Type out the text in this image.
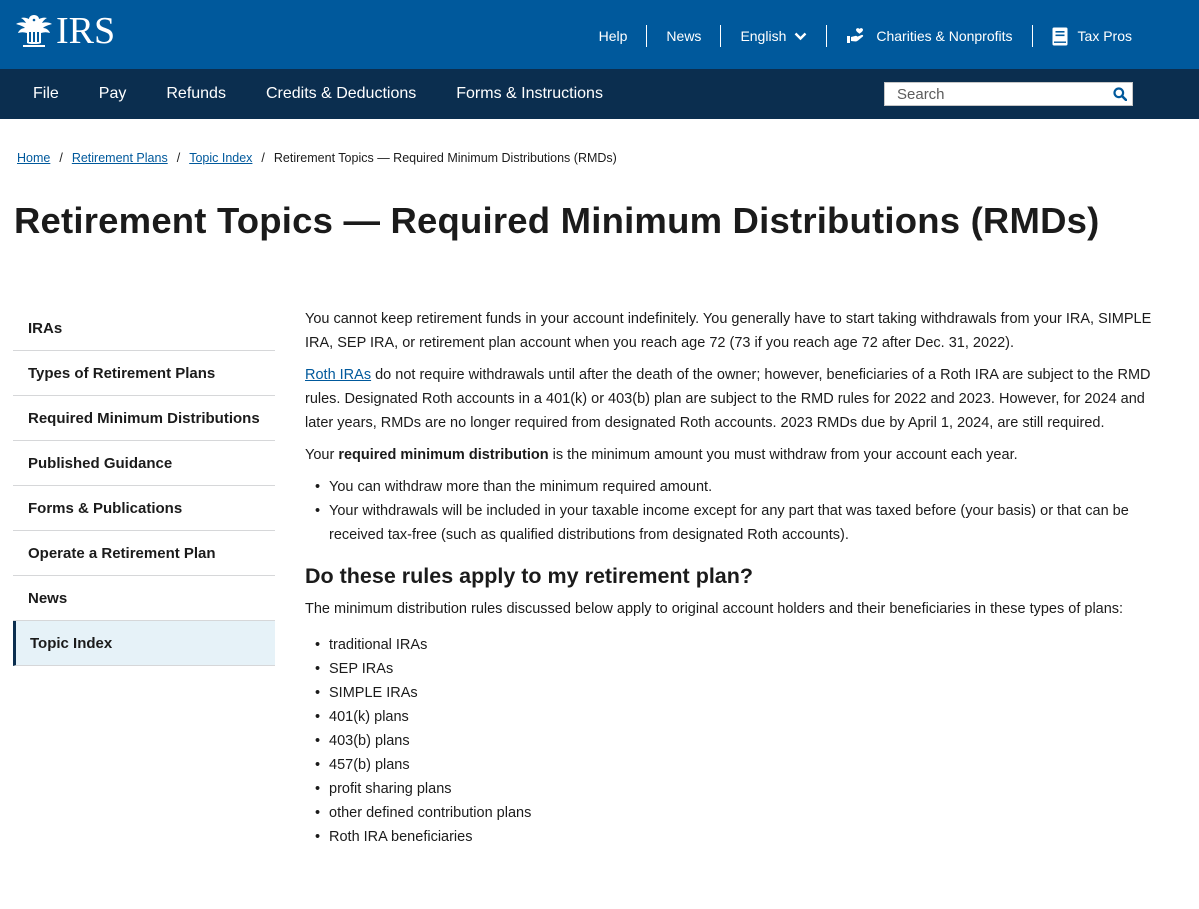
IRS	Help	News	English	Charities & Nonprofits	Tax Pros
File	Pay	Refunds	Credits & Deductions	Forms & Instructions
Search
Home / Retirement Plans / Topic Index / Retirement Topics — Required Minimum Distributions (RMDs)
Retirement Topics — Required Minimum Distributions (RMDs)
IRAs
Types of Retirement Plans
Required Minimum Distributions
Published Guidance
Forms & Publications
Operate a Retirement Plan
News
Topic Index

You cannot keep retirement funds in your account indefinitely. You generally have to start taking withdrawals from your IRA, SIMPLE IRA, SEP IRA, or retirement plan account when you reach age 72 (73 if you reach age 72 after Dec. 31, 2022).

Roth IRAs do not require withdrawals until after the death of the owner; however, beneficiaries of a Roth IRA are subject to the RMD rules. Designated Roth accounts in a 401(k) or 403(b) plan are subject to the RMD rules for 2022 and 2023. However, for 2024 and later years, RMDs are no longer required from designated Roth accounts. 2023 RMDs due by April 1, 2024, are still required.

Your required minimum distribution is the minimum amount you must withdraw from your account each year.

• You can withdraw more than the minimum required amount.
• Your withdrawals will be included in your taxable income except for any part that was taxed before (your basis) or that can be received tax-free (such as qualified distributions from designated Roth accounts).
Do these rules apply to my retirement plan?

The minimum distribution rules discussed below apply to original account holders and their beneficiaries in these types of plans:

• traditional IRAs
• SEP IRAs
• SIMPLE IRAs
• 401(k) plans
• 403(b) plans
• 457(b) plans
• profit sharing plans
• other defined contribution plans
• Roth IRA beneficiaries
